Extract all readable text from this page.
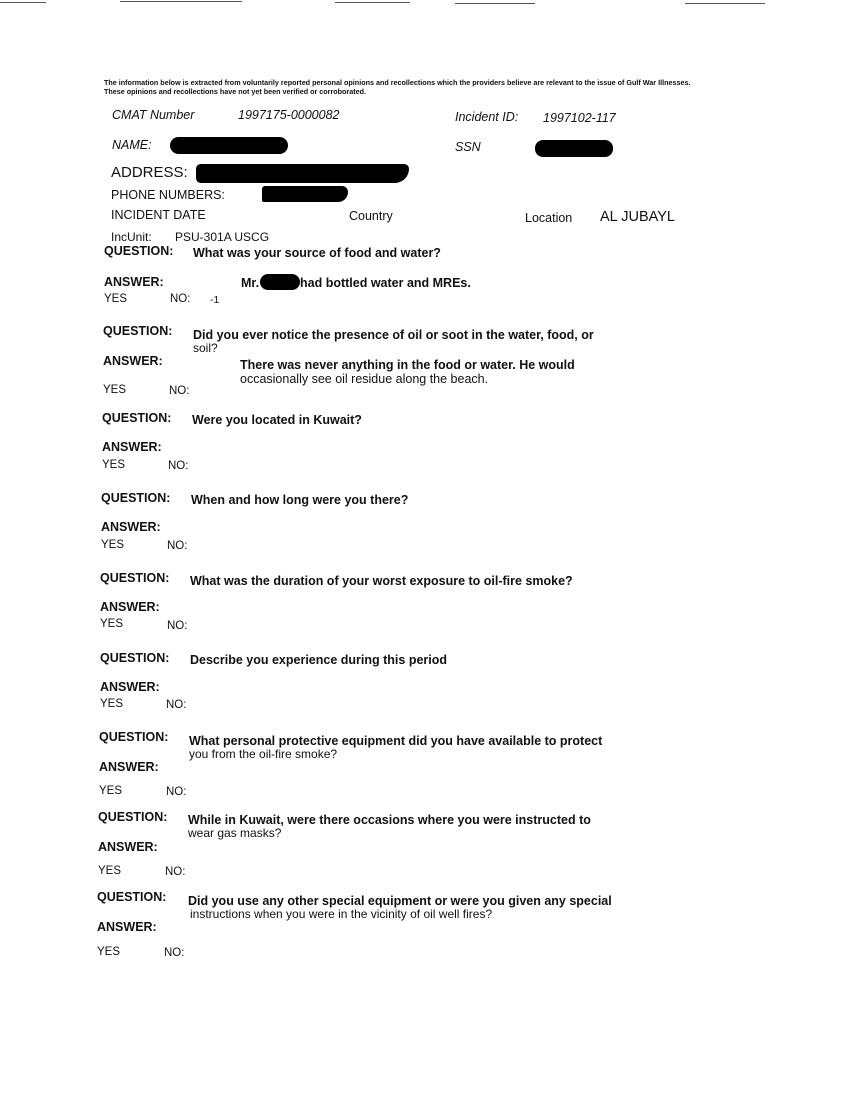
The information below is extracted from voluntarily reported personal opinions and recollections which the providers believe are relevant to the issue of Gulf War Illnesses. These opinions and recollections have not yet been verified or corroborated.
CMAT Number	1997175-0000082	Incident ID: 1997102-117
NAME:	SSN
ADDRESS:
PHONE NUMBERS:
INCIDENT DATE	Country	Location AL JUBAYL
IncUnit: PSU-301A USCG
QUESTION: What was your source of food and water?
ANSWER:	Mr.	had bottled water and MREs.
YES	NO: -1
QUESTION: Did you ever notice the presence of oil or soot in the water, food, or
soil?
ANSWER:	There was never anything in the food or water. He would
occasionally see oil residue along the beach.
YES	NO:
QUESTION: Were you located in Kuwait?
ANSWER:
YES	NO:
QUESTION: When and how long were you there?
ANSWER:
YES	NO:
QUESTION: What was the duration of your worst exposure to oil-fire smoke?
ANSWER:
YES	NO:
QUESTION: Describe you experience during this period
ANSWER:
YES	NO:
QUESTION: What personal protective equipment did you have available to protect
you from the oil-fire smoke?
ANSWER:
YES	NO:
QUESTION: While in Kuwait, were there occasions where you were instructed to
wear gas masks?
ANSWER:
YES	NO:
QUESTION: Did you use any other special equipment or were you given any special
instructions when you were in the vicinity of oil well fires?
ANSWER:
YES	NO:
